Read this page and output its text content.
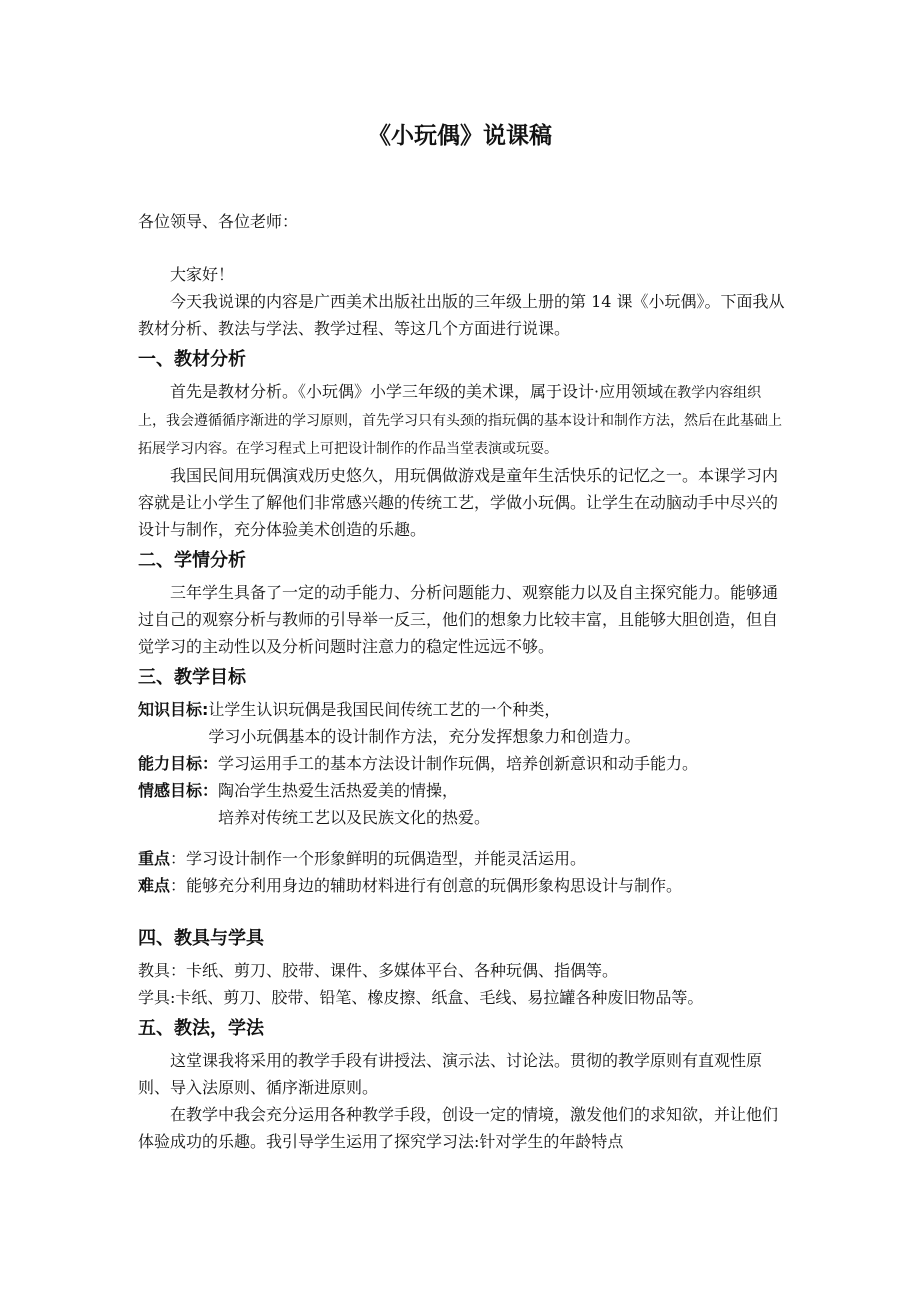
《小玩偶》说课稿

各位领导、各位老师：

大家好！

今天我说课的内容是广西美术出版社出版的三年级上册的第 14 课《小玩偶》。下面我从教材分析、教法与学法、教学过程、等这几个方面进行说课。

一、教材分析

首先是教材分析。《小玩偶》小学三年级的美术课，属于设计·应用领域在教学内容组织上，我会遵循循序渐进的学习原则，首先学习只有头颈的指玩偶的基本设计和制作方法，然后在此基础上拓展学习内容。在学习程式上可把设计制作的作品当堂表演或玩耍。

我国民间用玩偶演戏历史悠久，用玩偶做游戏是童年生活快乐的记忆之一。本课学习内容就是让小学生了解他们非常感兴趣的传统工艺，学做小玩偶。让学生在动脑动手中尽兴的设计与制作，充分体验美术创造的乐趣。

二、学情分析

三年学生具备了一定的动手能力、分析问题能力、观察能力以及自主探究能力。能够通过自己的观察分析与教师的引导举一反三，他们的想象力比较丰富，且能够大胆创造，但自觉学习的主动性以及分析问题时注意力的稳定性远远不够。

三、教学目标
知识目标: 让学生认识玩偶是我国民间传统工艺的一个种类，
学习小玩偶基本的设计制作方法，充分发挥想象力和创造力。
能力目标： 学习运用手工的基本方法设计制作玩偶，培养创新意识和动手能力。
情感目标： 陶冶学生热爱生活热爱美的情操，
培养对传统工艺以及民族文化的热爱。

重点：学习设计制作一个形象鲜明的玩偶造型，并能灵活运用。

难点：能够充分利用身边的辅助材料进行有创意的玩偶形象构思设计与制作。

四、教具与学具

教具：卡纸、剪刀、胶带、课件、多媒体平台、各种玩偶、指偶等。

学具:卡纸、剪刀、胶带、铅笔、橡皮擦、纸盒、毛线、易拉罐各种废旧物品等。

五、教法，学法

这堂课我将采用的教学手段有讲授法、演示法、讨论法。贯彻的教学原则有直观性原则、导入法原则、循序渐进原则。

在教学中我会充分运用各种教学手段，创设一定的情境，激发他们的求知欲，并让他们体验成功的乐趣。我引导学生运用了探究学习法:针对学生的年龄特点
